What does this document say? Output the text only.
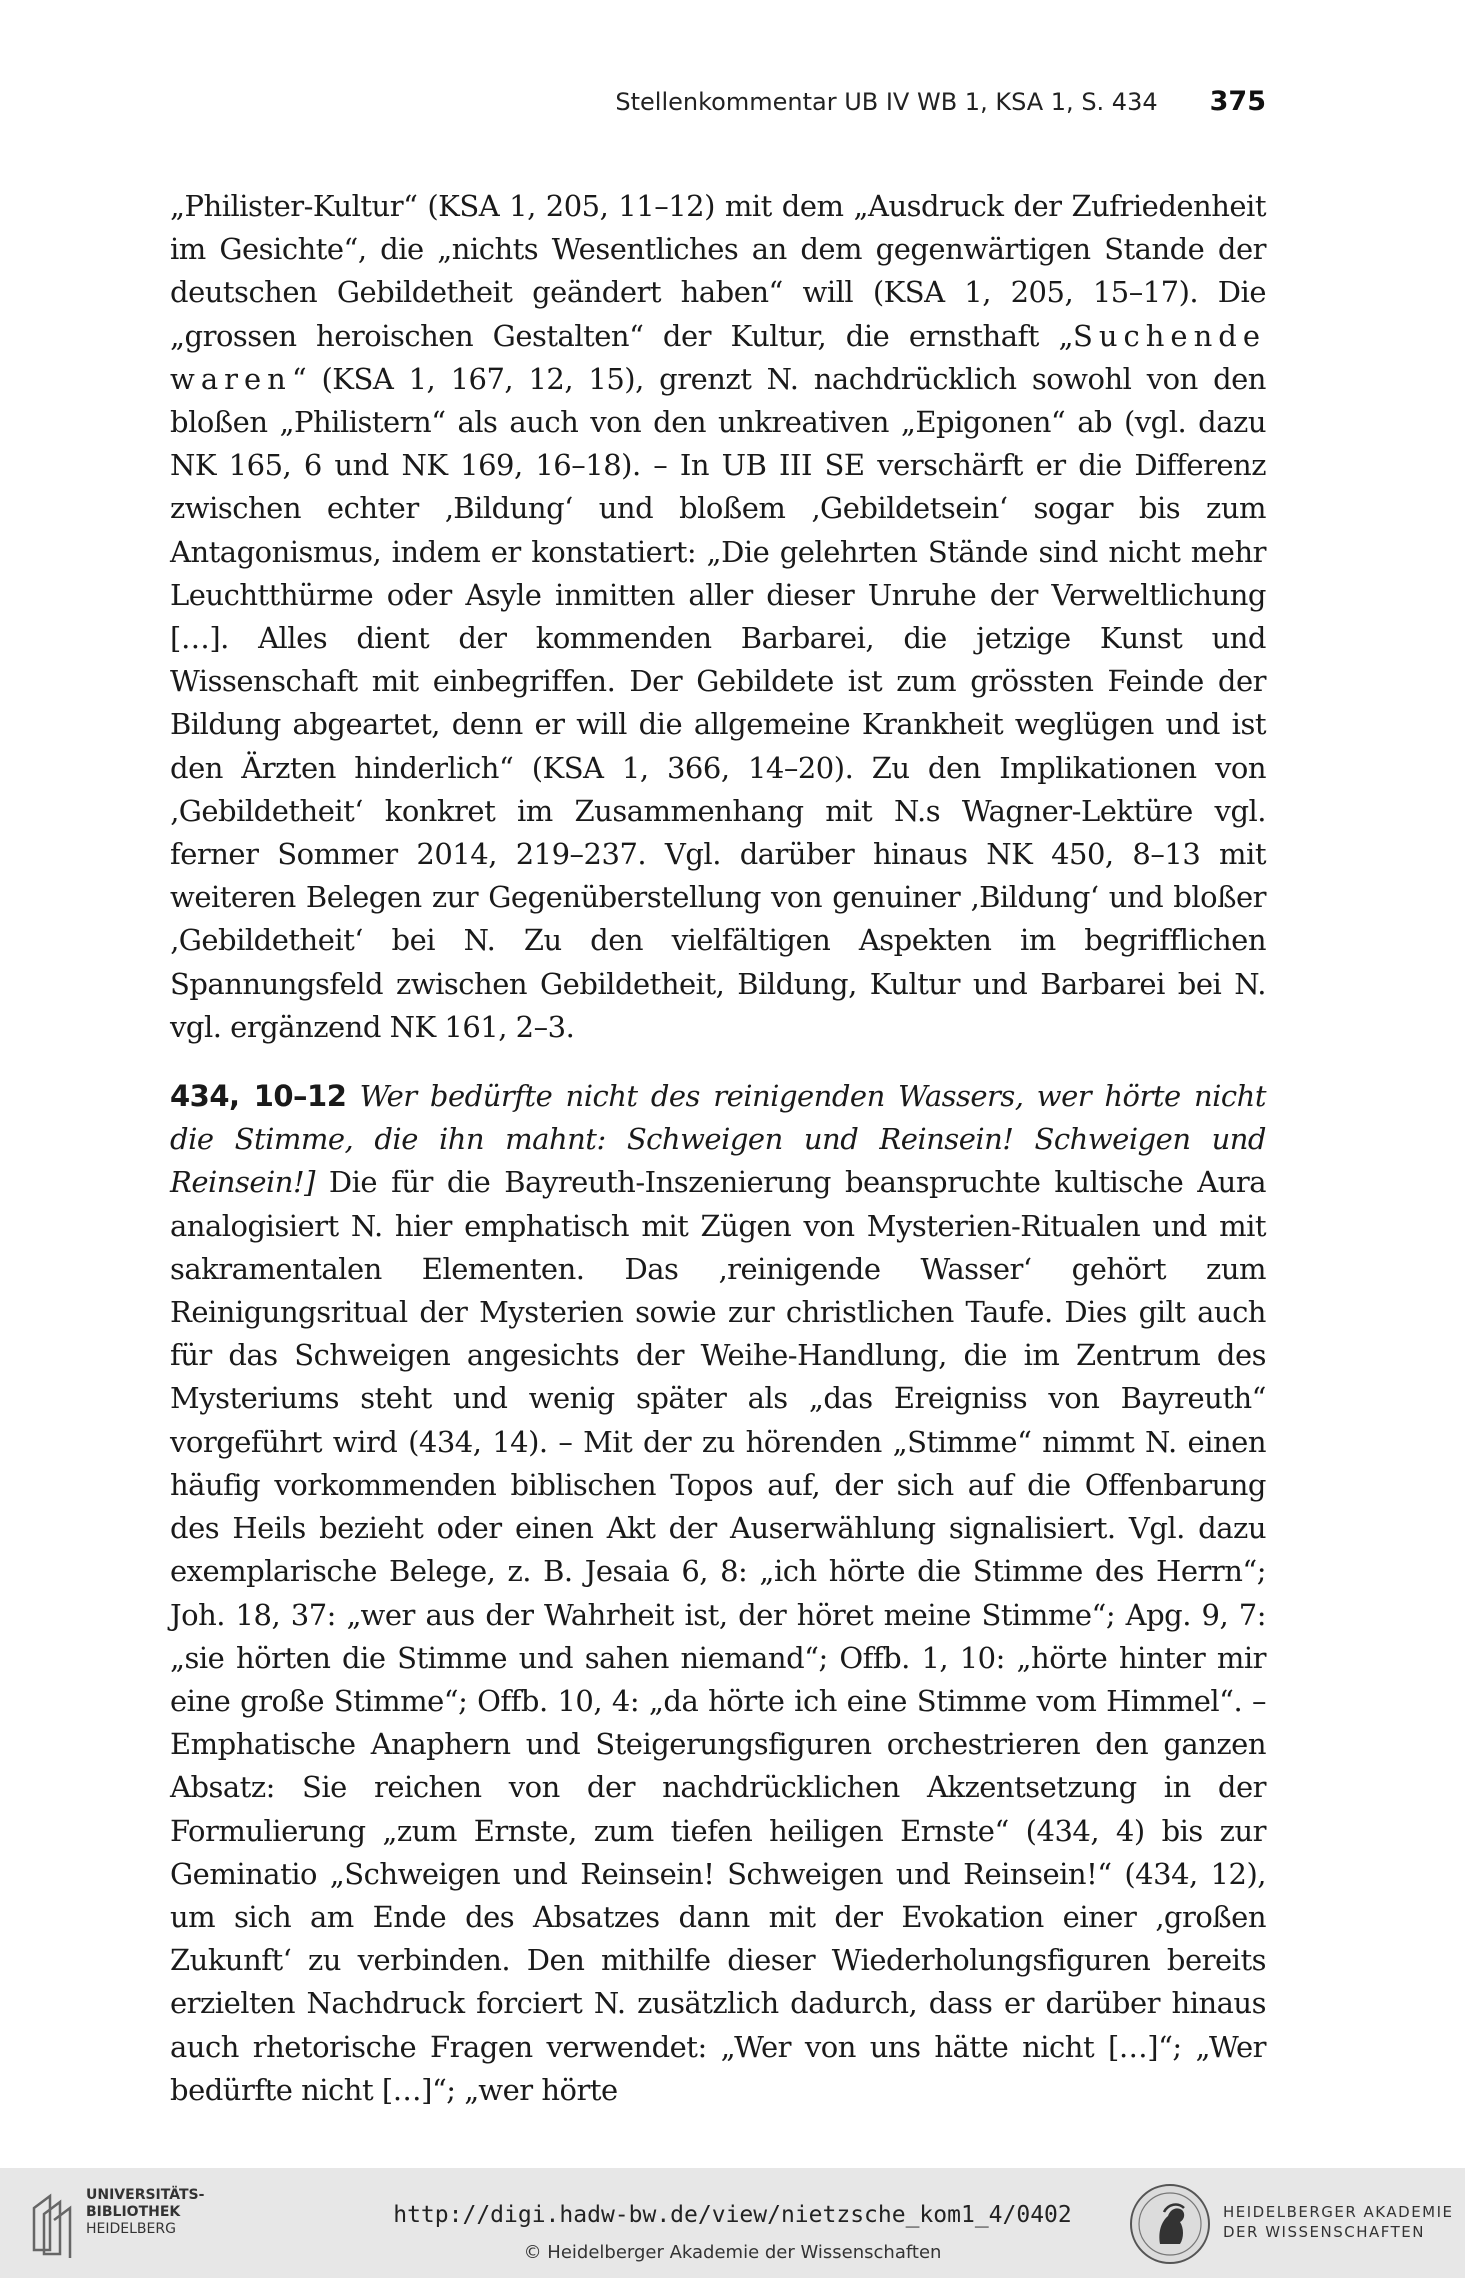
Stellenkommentar UB IV WB 1, KSA 1, S. 434 375

„Philister-Kultur“ (KSA 1, 205, 11–12) mit dem „Ausdruck der Zufriedenheit im Gesichte“, die „nichts Wesentliches an dem gegenwärtigen Stande der deutschen Gebildetheit geändert haben“ will (KSA 1, 205, 15–17). Die „grossen heroischen Gestalten“ der Kultur, die ernsthaft „Suchende waren“ (KSA 1, 167, 12, 15), grenzt N. nachdrücklich sowohl von den bloßen „Philistern“ als auch von den unkreativen „Epigonen“ ab (vgl. dazu NK 165, 6 und NK 169, 16–18). – In UB III SE verschärft er die Differenz zwischen echter ‚Bildung‘ und bloßem ‚Gebildetsein‘ sogar bis zum Antagonismus, indem er konstatiert: „Die gelehrten Stände sind nicht mehr Leuchtthürme oder Asyle inmitten aller dieser Unruhe der Verweltlichung […]. Alles dient der kommenden Barbarei, die jetzige Kunst und Wissenschaft mit einbegriffen. Der Gebildete ist zum grössten Feinde der Bildung abgeartet, denn er will die allgemeine Krankheit weglügen und ist den Ärzten hinderlich“ (KSA 1, 366, 14–20). Zu den Implikationen von ‚Gebildetheit‘ konkret im Zusammenhang mit N.s Wagner-Lektüre vgl. ferner Sommer 2014, 219–237. Vgl. darüber hinaus NK 450, 8–13 mit weiteren Belegen zur Gegenüberstellung von genuiner ‚Bildung‘ und bloßer ‚Gebildetheit‘ bei N. Zu den vielfältigen Aspekten im begrifflichen Spannungsfeld zwischen Gebildetheit, Bildung, Kultur und Barbarei bei N. vgl. ergänzend NK 161, 2–3.

434, 10–12 Wer bedürfte nicht des reinigenden Wassers, wer hörte nicht die Stimme, die ihn mahnt: Schweigen und Reinsein! Schweigen und Reinsein!] Die für die Bayreuth-Inszenierung beanspruchte kultische Aura analogisiert N. hier emphatisch mit Zügen von Mysterien-Ritualen und mit sakramentalen Elementen. Das ‚reinigende Wasser‘ gehört zum Reinigungsritual der Mysterien sowie zur christlichen Taufe. Dies gilt auch für das Schweigen angesichts der Weihe-Handlung, die im Zentrum des Mysteriums steht und wenig später als „das Ereigniss von Bayreuth“ vorgeführt wird (434, 14). – Mit der zu hörenden „Stimme“ nimmt N. einen häufig vorkommenden biblischen Topos auf, der sich auf die Offenbarung des Heils bezieht oder einen Akt der Auserwählung signalisiert. Vgl. dazu exemplarische Belege, z. B. Jesaia 6, 8: „ich hörte die Stimme des Herrn“; Joh. 18, 37: „wer aus der Wahrheit ist, der höret meine Stimme“; Apg. 9, 7: „sie hörten die Stimme und sahen niemand“; Offb. 1, 10: „hörte hinter mir eine große Stimme“; Offb. 10, 4: „da hörte ich eine Stimme vom Himmel“. – Emphatische Anaphern und Steigerungsfiguren orchestrieren den ganzen Absatz: Sie reichen von der nachdrücklichen Akzentsetzung in der Formulierung „zum Ernste, zum tiefen heiligen Ernste“ (434, 4) bis zur Geminatio „Schweigen und Reinsein! Schweigen und Reinsein!“ (434, 12), um sich am Ende des Absatzes dann mit der Evokation einer ‚großen Zukunft‘ zu verbinden. Den mithilfe dieser Wiederholungsfiguren bereits erzielten Nachdruck forciert N. zusätzlich dadurch, dass er darüber hinaus auch rhetorische Fragen verwendet: „Wer von uns hätte nicht […]“; „Wer bedürfte nicht […]“; „wer hörte

UNIVERSITÄTS-
BIBLIOTHEK
HEIDELBERG
http://digi.hadw-bw.de/view/nietzsche_kom1_4/0402
© Heidelberger Akademie der Wissenschaften
HEIDELBERGER AKADEMIE
DER WISSENSCHAFTEN
